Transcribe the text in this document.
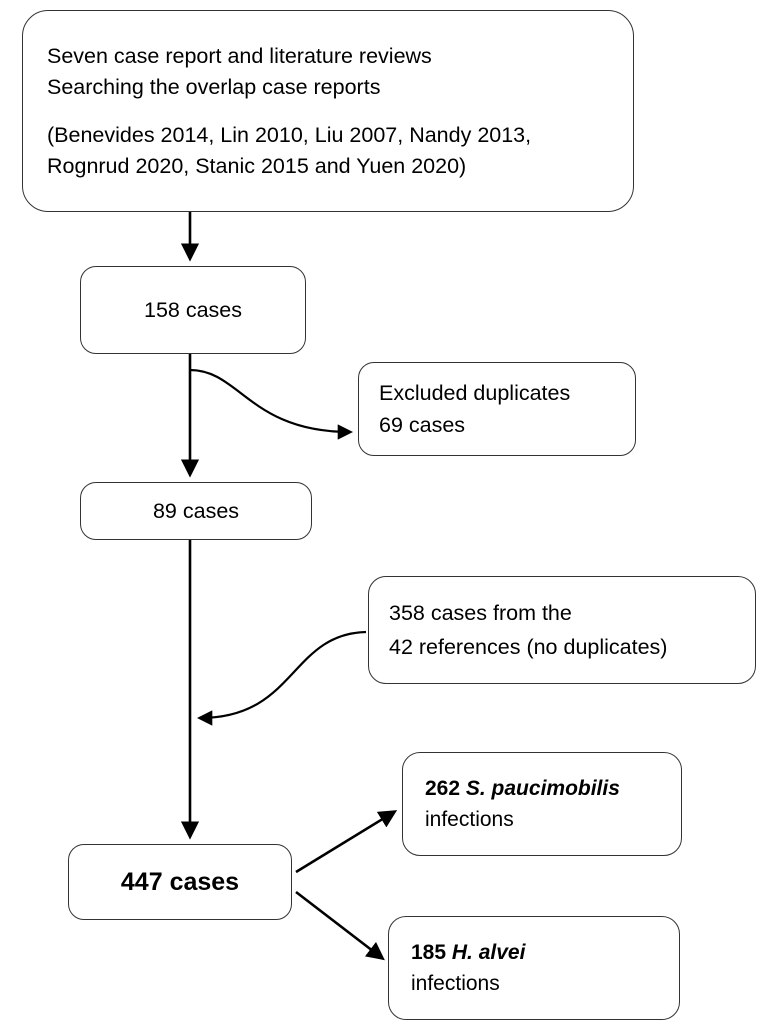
Seven case report and literature reviews
Searching the overlap case reports
(Benevides 2014, Lin 2010, Liu 2007, Nandy 2013,
Rognrud 2020, Stanic 2015 and Yuen 2020)
158 cases
Excluded duplicates
69 cases
89 cases
358 cases from the
42 references (no duplicates)
447 cases
262 S. paucimobilis
infections
185 H. alvei
infections
